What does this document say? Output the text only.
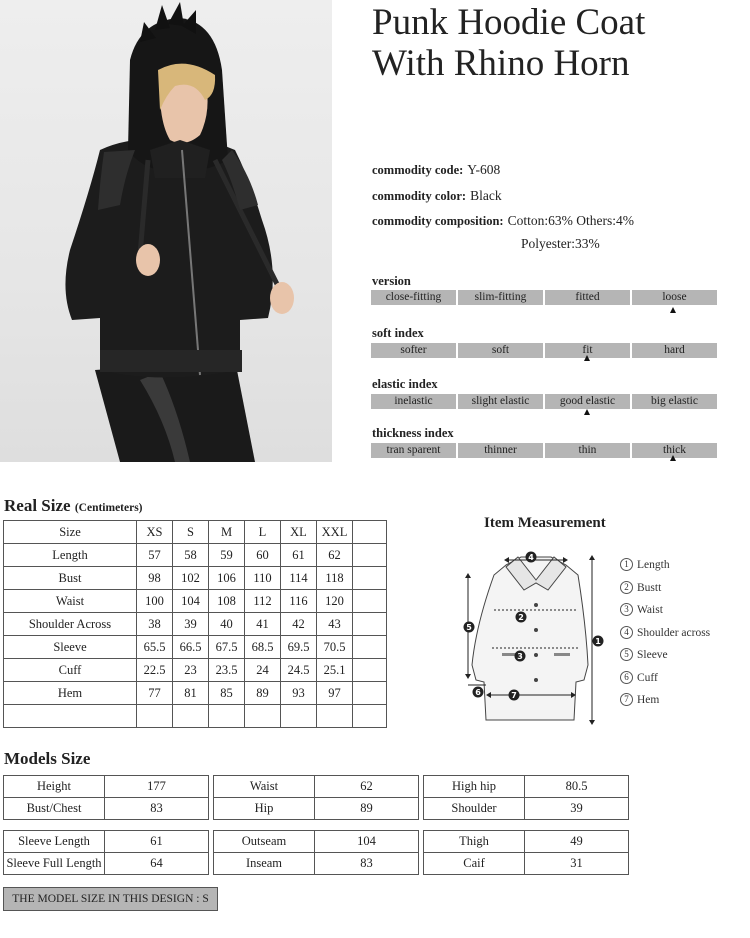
Punk Hoodie Coat
With Rhino Horn
commodity code: Y-608
commodity color: Black
commodity composition: Cotton:63% Others:4%
Polyester:33%
version
close-fitting	slim-fitting	fitted	loose
soft index
softer	soft	fit	hard
elastic index
inelastic	slight elastic	good elastic	big elastic
thickness index
tran sparent	thinner	thin	thick
Real Size (Centimeters)
Size	XS	S	M	L	XL	XXL	
Length	57	58	59	60	61	62	
Bust	98	102	106	110	114	118	
Waist	100	104	108	112	116	120	
Shoulder Across	38	39	40	41	42	43	
Sleeve	65.5	66.5	67.5	68.5	69.5	70.5	
Cuff	22.5	23	23.5	24	24.5	25.1	
Hem	77	81	85	89	93	97	

Item Measurement
4
2
3
7
5
6
1
1 Length
2 Bustt
3 Waist
4 Shoulder across
5 Sleeve
6 Cuff
7 Hem
Models Size
Height	177		Waist	62		High hip	80.5
Bust/Chest	83		Hip	89		Shoulder	39
Sleeve Length	61		Outseam	104		Thigh	49
Sleeve Full Length	64		Inseam	83		Caif	31
THE MODEL SIZE IN THIS DESIGN : S
